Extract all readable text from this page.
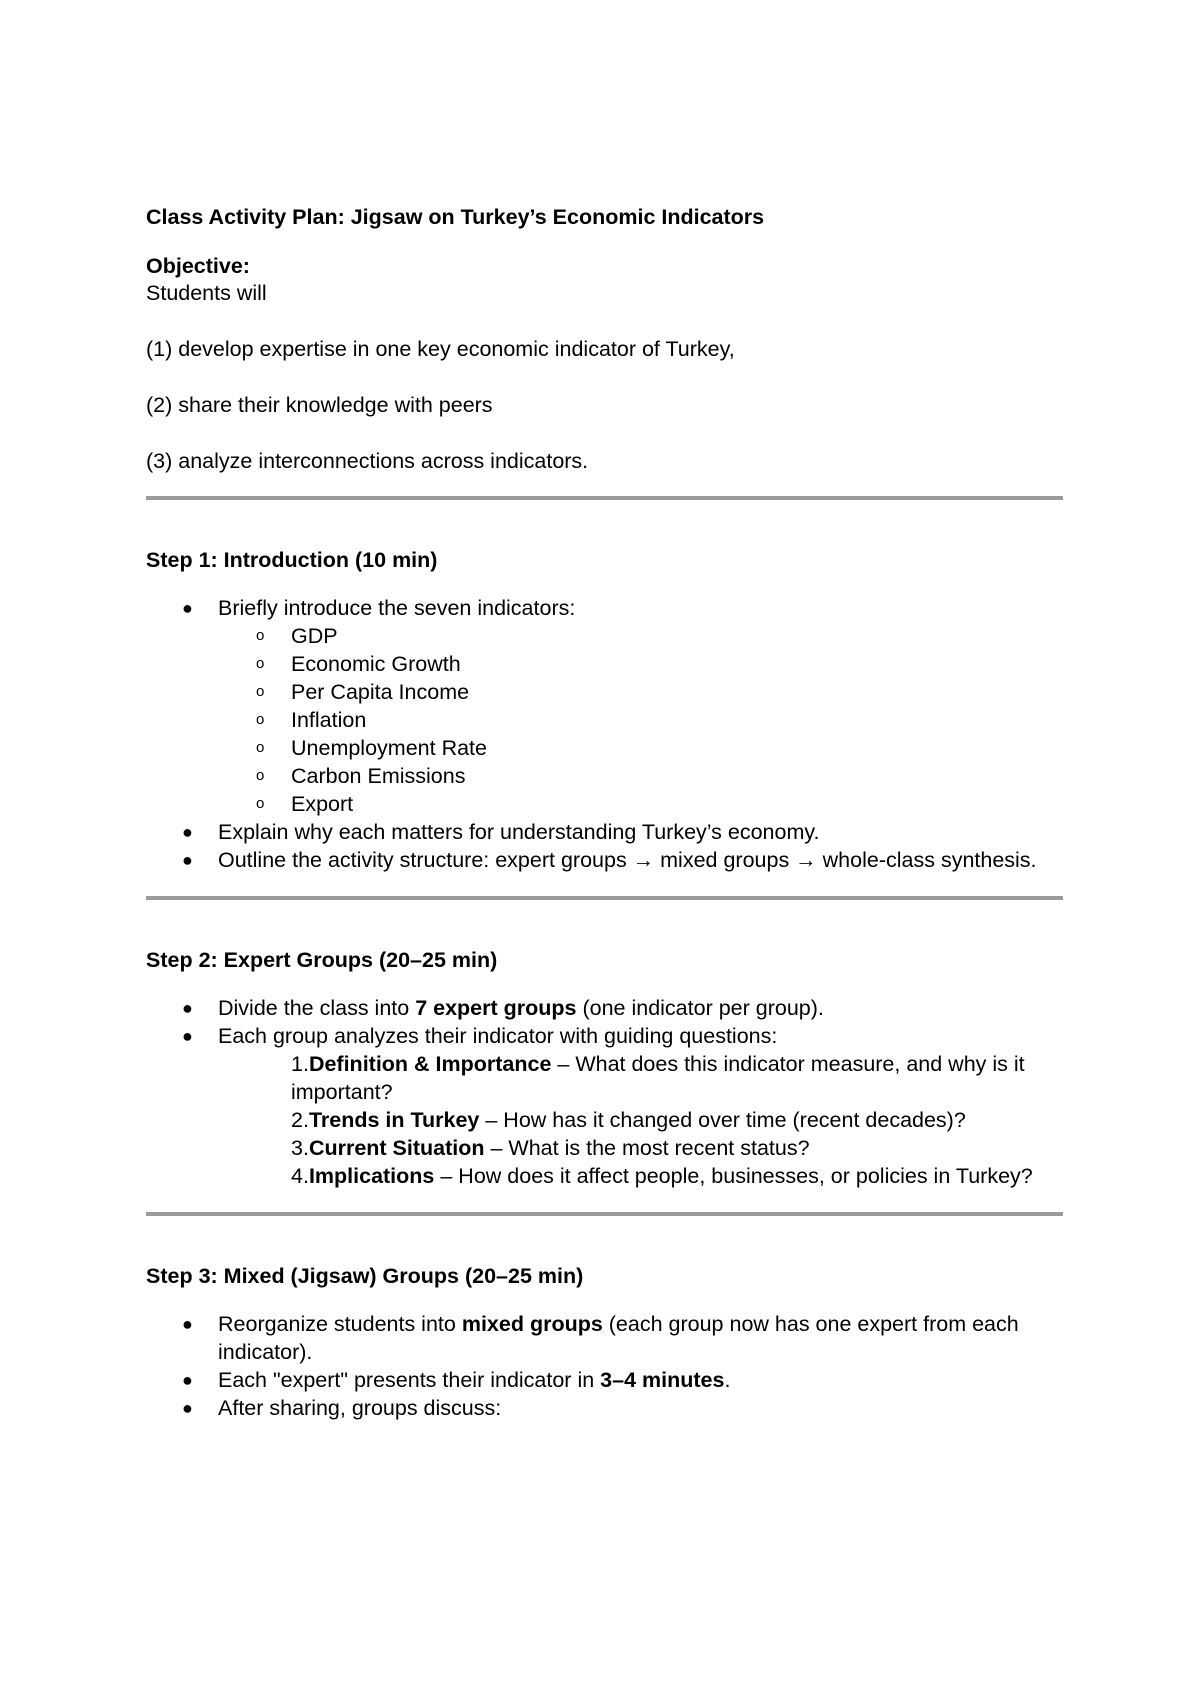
Class Activity Plan: Jigsaw on Turkey’s Economic Indicators

Objective:

Students will

(1) develop expertise in one key economic indicator of Turkey,

(2) share their knowledge with peers

(3) analyze interconnections across indicators.

Step 1: Introduction (10 min)

● Briefly introduce the seven indicators:
o GDP
o Economic Growth
o Per Capita Income
o Inflation
o Unemployment Rate
o Carbon Emissions
o Export
● Explain why each matters for understanding Turkey’s economy.
● Outline the activity structure: expert groups → mixed groups → whole-class synthesis.

Step 2: Expert Groups (20–25 min)

● Divide the class into 7 expert groups (one indicator per group).
● Each group analyzes their indicator with guiding questions:
1.Definition & Importance – What does this indicator measure, and why is it important?
2.Trends in Turkey – How has it changed over time (recent decades)?
3.Current Situation – What is the most recent status?
4.Implications – How does it affect people, businesses, or policies in Turkey?

Step 3: Mixed (Jigsaw) Groups (20–25 min)

● Reorganize students into mixed groups (each group now has one expert from each indicator).
● Each "expert" presents their indicator in 3–4 minutes.
● After sharing, groups discuss:
